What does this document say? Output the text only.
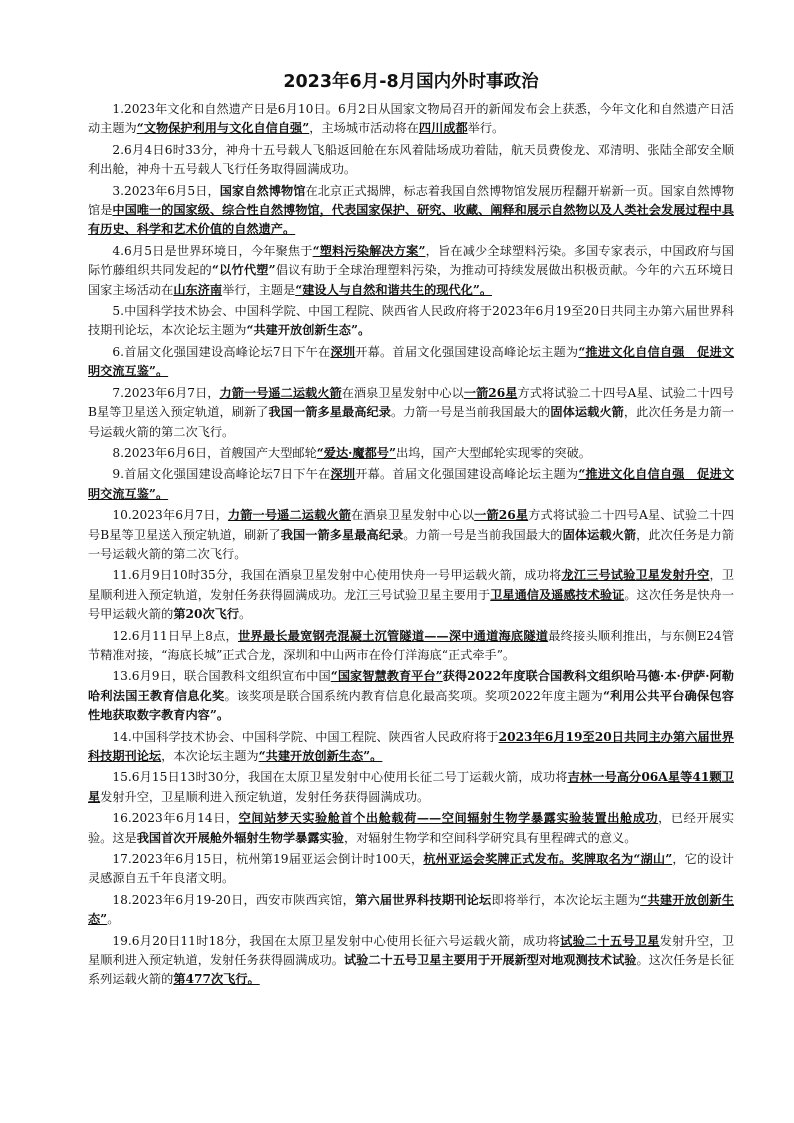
2023年6月-8月国内外时事政治

1.2023年文化和自然遗产日是6月10日。6月2日从国家文物局召开的新闻发布会上获悉，今年文化和自然遗产日活动主题为“文物保护利用与文化自信自强”，主场城市活动将在四川成都举行。

2.6月4日6时33分，神舟十五号载人飞船返回舱在东风着陆场成功着陆，航天员费俊龙、邓清明、张陆全部安全顺利出舱，神舟十五号载人飞行任务取得圆满成功。

3.2023年6月5日，国家自然博物馆在北京正式揭牌，标志着我国自然博物馆发展历程翻开崭新一页。国家自然博物馆是中国唯一的国家级、综合性自然博物馆，代表国家保护、研究、收藏、阐释和展示自然物以及人类社会发展过程中具有历史、科学和艺术价值的自然遗产。

4.6月5日是世界环境日，今年聚焦于“塑料污染解决方案”，旨在减少全球塑料污染。多国专家表示，中国政府与国际竹藤组织共同发起的“以竹代塑”倡议有助于全球治理塑料污染，为推动可持续发展做出积极贡献。今年的六五环境日国家主场活动在山东济南举行，主题是“建设人与自然和谐共生的现代化”。

5.中国科学技术协会、中国科学院、中国工程院、陕西省人民政府将于2023年6月19至20日共同主办第六届世界科技期刊论坛，本次论坛主题为“共建开放创新生态”。

6.首届文化强国建设高峰论坛7日下午在深圳开幕。首届文化强国建设高峰论坛主题为“推进文化自信自强　促进文明交流互鉴”。

7.2023年6月7日，力箭一号遥二运载火箭在酒泉卫星发射中心以一箭26星方式将试验二十四号A星、试验二十四号B星等卫星送入预定轨道，刷新了我国一箭多星最高纪录。力箭一号是当前我国最大的固体运载火箭，此次任务是力箭一号运载火箭的第二次飞行。

8.2023年6月6日，首艘国产大型邮轮“爱达·魔都号”出坞，国产大型邮轮实现零的突破。

9.首届文化强国建设高峰论坛7日下午在深圳开幕。首届文化强国建设高峰论坛主题为“推进文化自信自强　促进文明交流互鉴”。

10.2023年6月7日，力箭一号遥二运载火箭在酒泉卫星发射中心以一箭26星方式将试验二十四号A星、试验二十四号B星等卫星送入预定轨道，刷新了我国一箭多星最高纪录。力箭一号是当前我国最大的固体运载火箭，此次任务是力箭一号运载火箭的第二次飞行。

11.6月9日10时35分，我国在酒泉卫星发射中心使用快舟一号甲运载火箭，成功将龙江三号试验卫星发射升空，卫星顺利进入预定轨道，发射任务获得圆满成功。龙江三号试验卫星主要用于卫星通信及遥感技术验证。这次任务是快舟一号甲运载火箭的第20次飞行。

12.6月11日早上8点，世界最长最宽钢壳混凝土沉管隧道——深中通道海底隧道最终接头顺利推出，与东侧E24管节精准对接，“海底长城”正式合龙，深圳和中山两市在伶仃洋海底“正式牵手”。

13.6月9日，联合国教科文组织宣布中国“国家智慧教育平台”获得2022年度联合国教科文组织哈马德·本·伊萨·阿勒哈利法国王教育信息化奖。该奖项是联合国系统内教育信息化最高奖项。奖项2022年度主题为“利用公共平台确保包容性地获取数字教育内容”。

14.中国科学技术协会、中国科学院、中国工程院、陕西省人民政府将于2023年6月19至20日共同主办第六届世界科技期刊论坛，本次论坛主题为“共建开放创新生态”。

15.6月15日13时30分，我国在太原卫星发射中心使用长征二号丁运载火箭，成功将吉林一号高分06A星等41颗卫星发射升空，卫星顺利进入预定轨道，发射任务获得圆满成功。

16.2023年6月14日，空间站梦天实验舱首个出舱载荷——空间辐射生物学暴露实验装置出舱成功，已经开展实验。这是我国首次开展舱外辐射生物学暴露实验，对辐射生物学和空间科学研究具有里程碑式的意义。

17.2023年6月15日，杭州第19届亚运会倒计时100天，杭州亚运会奖牌正式发布。奖牌取名为“湖山”，它的设计灵感源自五千年良渚文明。

18.2023年6月19-20日，西安市陕西宾馆，第六届世界科技期刊论坛即将举行，本次论坛主题为“共建开放创新生态”。

19.6月20日11时18分，我国在太原卫星发射中心使用长征六号运载火箭，成功将试验二十五号卫星发射升空，卫星顺利进入预定轨道，发射任务获得圆满成功。试验二十五号卫星主要用于开展新型对地观测技术试验。这次任务是长征系列运载火箭的第477次飞行。
